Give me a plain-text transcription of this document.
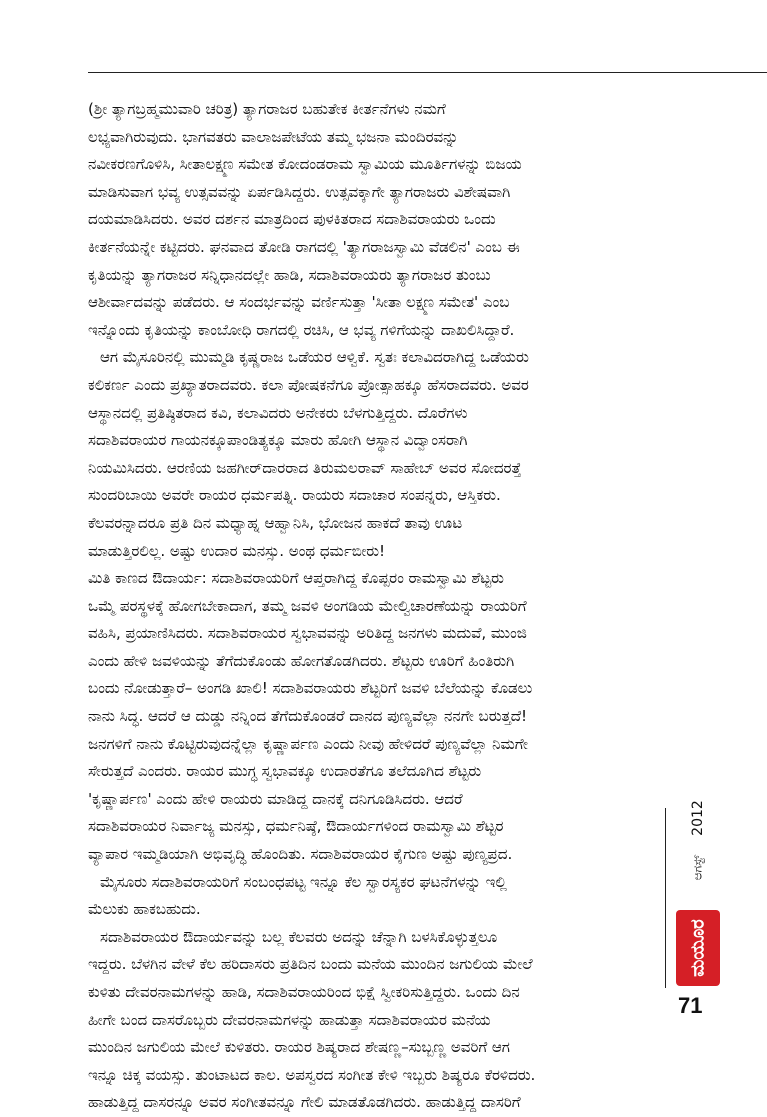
(ಶ್ರೀ ತ್ಯಾಗಬ್ರಹ್ಮಮುವಾರಿ ಚರಿತ್ರ) ತ್ಯಾಗರಾಜರ ಬಹುತೇಕ ಕೀರ್ತನೆಗಳು ನಮಗೆ
ಲಭ್ಯವಾಗಿರುವುದು. ಭಾಗವತರು ವಾಲಾಜಪೇಟೆಯ ತಮ್ಮ ಭಜನಾ ಮಂದಿರವನ್ನು
ನವೀಕರಣಗೊಳಿಸಿ, ಸೀತಾಲಕ್ಷ್ಮಣ ಸಮೇತ ಕೋದಂಡರಾಮ ಸ್ವಾಮಿಯ ಮೂರ್ತಿಗಳನ್ನು ಬಿಜಯ
ಮಾಡಿಸುವಾಗ ಭವ್ಯ ಉತ್ಸವವನ್ನು ಏರ್ಪಡಿಸಿದ್ದರು. ಉತ್ಸವಕ್ಕಾಗೇ ತ್ಯಾಗರಾಜರು ವಿಶೇಷವಾಗಿ
ದಯಮಾಡಿಸಿದರು. ಅವರ ದರ್ಶನ ಮಾತ್ರದಿಂದ ಪುಳಕಿತರಾದ ಸದಾಶಿವರಾಯರು ಒಂದು
ಕೀರ್ತನೆಯನ್ನೇ ಕಟ್ಟಿದರು. ಘನವಾದ ತೋಡಿ ರಾಗದಲ್ಲಿ 'ತ್ಯಾಗರಾಜಸ್ವಾಮಿ ವೆಡಲಿನ' ಎಂಬ ಈ
ಕೃತಿಯನ್ನು ತ್ಯಾಗರಾಜರ ಸನ್ನಿಧಾನದಲ್ಲೇ ಹಾಡಿ, ಸದಾಶಿವರಾಯರು ತ್ಯಾಗರಾಜರ ತುಂಬು
ಆಶೀರ್ವಾದವನ್ನು ಪಡೆದರು. ಆ ಸಂದರ್ಭವನ್ನು ವರ್ಣಿಸುತ್ತಾ 'ಸೀತಾ ಲಕ್ಷ್ಮಣ ಸಮೇತ' ಎಂಬ
ಇನ್ನೊಂದು ಕೃತಿಯನ್ನು ಕಾಂಬೋಧಿ ರಾಗದಲ್ಲಿ ರಚಿಸಿ, ಆ ಭವ್ಯ ಗಳಿಗೆಯನ್ನು ದಾಖಲಿಸಿದ್ದಾರೆ.
ಆಗ ಮೈಸೂರಿನಲ್ಲಿ ಮುಮ್ಮಡಿ ಕೃಷ್ಣರಾಜ ಒಡೆಯರ ಆಳ್ವಿಕೆ. ಸ್ವತಃ ಕಲಾವಿದರಾಗಿದ್ದ ಒಡೆಯರು
ಕಲಿಕರ್ಣ ಎಂದು ಪ್ರಖ್ಯಾತರಾದವರು. ಕಲಾ ಪೋಷಕನೆಗೂ ಪ್ರೋತ್ಸಾಹಕ್ಕೂ ಹೆಸರಾದವರು. ಅವರ
ಆಸ್ಥಾನದಲ್ಲಿ ಪ್ರತಿಷ್ಠಿತರಾದ ಕವಿ, ಕಲಾವಿದರು ಅನೇಕರು ಬೆಳಗುತ್ತಿದ್ದರು. ದೊರೆಗಳು
ಸದಾಶಿವರಾಯರ ಗಾಯನಕ್ಕೂಪಾಂಡಿತ್ಯಕ್ಕೂ ಮಾರು ಹೋಗಿ ಆಸ್ಥಾನ ವಿದ್ವಾಂಸರಾಗಿ
ನಿಯಮಿಸಿದರು. ಆರಣಿಯ ಜಹಗೀರ್‌ದಾರರಾದ ತಿರುಮಲರಾವ್ ಸಾಹೇಬ್ ಅವರ ಸೋದರತ್ತೆ
ಸುಂದರಿಬಾಯಿ ಅವರೇ ರಾಯರ ಧರ್ಮಪತ್ನಿ. ರಾಯರು ಸದಾಚಾರ ಸಂಪನ್ನರು, ಆಸ್ತಿಕರು.
ಕೆಲವರನ್ನಾದರೂ ಪ್ರತಿ ದಿನ ಮಧ್ಯಾಹ್ನ ಆಹ್ವಾನಿಸಿ, ಭೋಜನ ಹಾಕದೆ ತಾವು ಊಟ
ಮಾಡುತ್ತಿರಲಿಲ್ಲ. ಅಷ್ಟು ಉದಾರ ಮನಸ್ಸು. ಅಂಥ ಧರ್ಮಬೀರು!
ಮಿತಿ ಕಾಣದ ಔದಾರ್ಯ: ಸದಾಶಿವರಾಯರಿಗೆ ಆಪ್ತರಾಗಿದ್ದ ಕೊಪ್ಪರಂ ರಾಮಸ್ವಾಮಿ ಶೆಟ್ಟರು
ಒಮ್ಮೆ ಪರಸ್ಥಳಕ್ಕೆ ಹೋಗಬೇಕಾದಾಗ, ತಮ್ಮ ಜವಳಿ ಅಂಗಡಿಯ ಮೇಲ್ವಿಚಾರಣೆಯನ್ನು ರಾಯರಿಗೆ
ವಹಿಸಿ, ಪ್ರಯಾಣಿಸಿದರು. ಸದಾಶಿವರಾಯರ ಸ್ವಭಾವವನ್ನು ಅರಿತಿದ್ದ ಜನಗಳು ಮದುವೆ, ಮುಂಜಿ
ಎಂದು ಹೇಳಿ ಜವಳಿಯನ್ನು ತೆಗೆದುಕೊಂಡು ಹೋಗತೊಡಗಿದರು. ಶೆಟ್ಟರು ಊರಿಗೆ ಹಿಂತಿರುಗಿ
ಬಂದು ನೋಡುತ್ತಾರೆ– ಅಂಗಡಿ ಖಾಲಿ! ಸದಾಶಿವರಾಯರು ಶೆಟ್ಟರಿಗೆ ಜವಳಿ ಬೆಲೆಯನ್ನು ಕೊಡಲು
ನಾನು ಸಿದ್ಧ. ಆದರೆ ಆ ದುಡ್ಡು ನನ್ನಿಂದ ತೆಗೆದುಕೊಂಡರೆ ದಾನದ ಪುಣ್ಯವೆಲ್ಲಾ ನನಗೇ ಬರುತ್ತದೆ!
ಜನಗಳಿಗೆ ನಾನು ಕೊಟ್ಟಿರುವುದನ್ನೆಲ್ಲಾ ಕೃಷ್ಣಾರ್ಪಣ ಎಂದು ನೀವು ಹೇಳಿದರೆ ಪುಣ್ಯವೆಲ್ಲಾ ನಿಮಗೇ
ಸೇರುತ್ತದೆ ಎಂದರು. ರಾಯರ ಮುಗ್ಧ ಸ್ವಭಾವಕ್ಕೂ ಉದಾರತೆಗೂ ತಲೆದೂಗಿದ ಶೆಟ್ಟರು
'ಕೃಷ್ಣಾರ್ಪಣ' ಎಂದು ಹೇಳಿ ರಾಯರು ಮಾಡಿದ್ದ ದಾನಕ್ಕೆ ದನಿಗೂಡಿಸಿದರು. ಆದರೆ
ಸದಾಶಿವರಾಯರ ನಿರ್ವಾಜ್ಯ ಮನಸ್ಸು, ಧರ್ಮನಿಷ್ಠೆ, ಔದಾರ್ಯಗಳಿಂದ ರಾಮಸ್ವಾಮಿ ಶೆಟ್ಟರ
ವ್ಯಾಪಾರ ಇಮ್ಮಡಿಯಾಗಿ ಅಭಿವೃದ್ಧಿ ಹೊಂದಿತು. ಸದಾಶಿವರಾಯರ ಕೈಗುಣ ಅಷ್ಟು ಪುಣ್ಯಪ್ರದ.
ಮೈಸೂರು ಸದಾಶಿವರಾಯರಿಗೆ ಸಂಬಂಧಪಟ್ಟ ಇನ್ನೂ ಕೆಲ ಸ್ವಾರಸ್ಯಕರ ಘಟನೆಗಳನ್ನು ಇಲ್ಲಿ
ಮೆಲುಕು ಹಾಕಬಹುದು.
ಸದಾಶಿವರಾಯರ ಔದಾರ್ಯವನ್ನು ಬಲ್ಲ ಕೆಲವರು ಅದನ್ನು ಚೆನ್ನಾಗಿ ಬಳಸಿಕೊಳ್ಳುತ್ತಲೂ
ಇದ್ದರು. ಬೆಳಗಿನ ವೇಳೆ ಕೆಲ ಹರಿದಾಸರು ಪ್ರತಿದಿನ ಬಂದು ಮನೆಯ ಮುಂದಿನ ಜಗುಲಿಯ ಮೇಲೆ
ಕುಳಿತು ದೇವರನಾಮಗಳನ್ನು ಹಾಡಿ, ಸದಾಶಿವರಾಯರಿಂದ ಭಿಕ್ಷೆ ಸ್ವೀಕರಿಸುತ್ತಿದ್ದರು. ಒಂದು ದಿನ
ಹೀಗೇ ಬಂದ ದಾಸರೊಬ್ಬರು ದೇವರನಾಮಗಳನ್ನು ಹಾಡುತ್ತಾ ಸದಾಶಿವರಾಯರ ಮನೆಯ
ಮುಂದಿನ ಜಗುಲಿಯ ಮೇಲೆ ಕುಳಿತರು. ರಾಯರ ಶಿಷ್ಯರಾದ ಶೇಷಣ್ಣ–ಸುಬ್ಬಣ್ಣ ಅವರಿಗೆ ಆಗ
ಇನ್ನೂ ಚಿಕ್ಕ ವಯಸ್ಸು. ತುಂಟಾಟದ ಕಾಲ. ಅಪಸ್ವರದ ಸಂಗೀತ ಕೇಳಿ ಇಬ್ಬರು ಶಿಷ್ಯರೂ ಕೆರಳಿದರು.
ಹಾಡುತ್ತಿದ್ದ ದಾಸರನ್ನೂ ಅವರ ಸಂಗೀತವನ್ನೂ ಗೇಲಿ ಮಾಡತೊಡಗಿದರು. ಹಾಡುತ್ತಿದ್ದ ದಾಸರಿಗೆ
2012
ಆಗಸ್ಟ್
ಮಯೂರ
71
